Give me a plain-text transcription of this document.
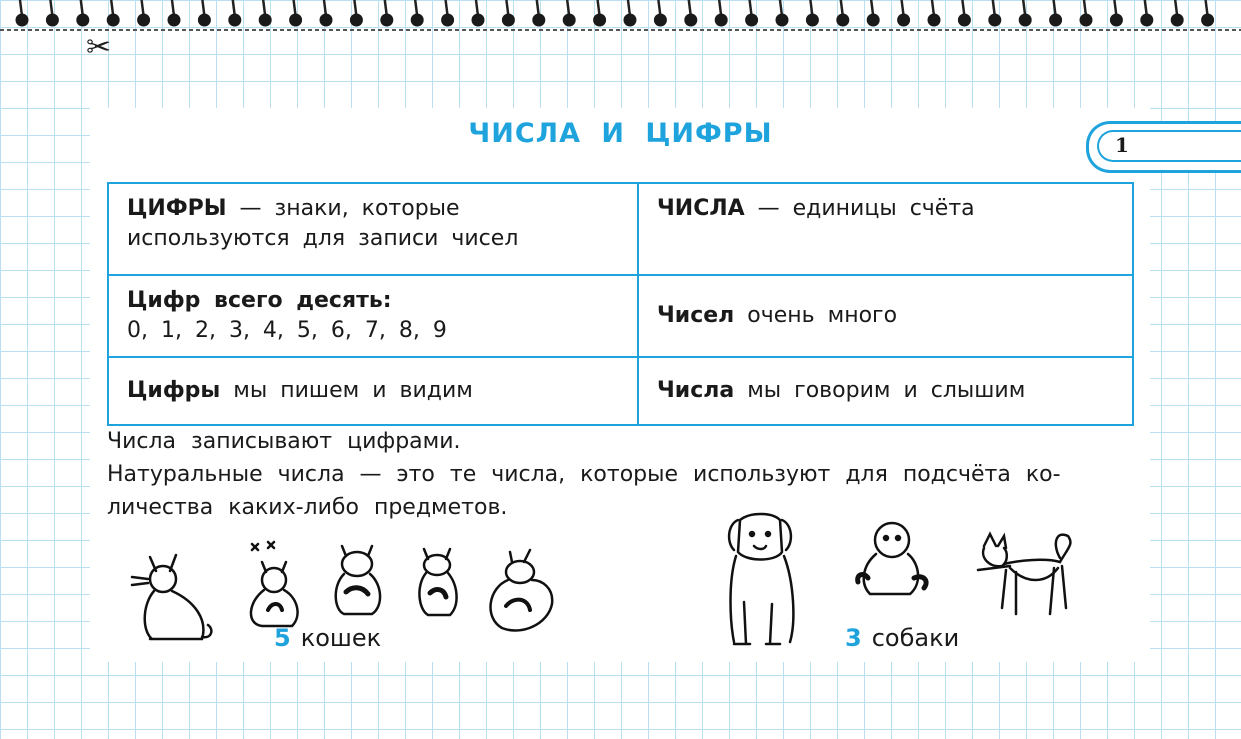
✂
ЧИСЛА И ЦИФРЫ	1
ЦИФРЫ — знаки, которые используются для записи чисел	ЧИСЛА — единицы счёта
Цифр всего десять:
0, 1, 2, 3, 4, 5, 6, 7, 8, 9	Чисел очень много
Цифры мы пишем и видим	Числа мы говорим и слышим
Числа записывают цифрами.
Натуральные числа — это те числа, которые используют для подсчёта ко-личества каких-либо предметов.
5 кошек	3 собаки
